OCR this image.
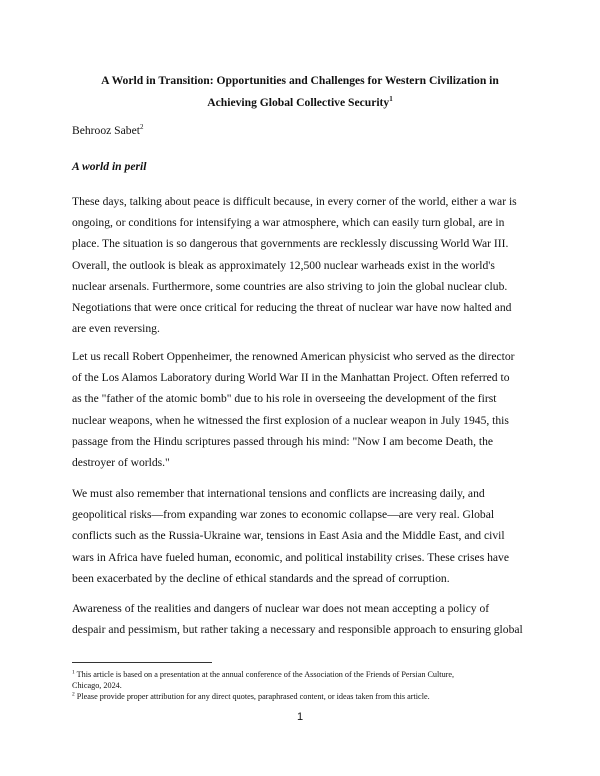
A World in Transition: Opportunities and Challenges for Western Civilization in
Achieving Global Collective Security$^1$
Behrooz Sabet$^2$
A world in peril
These days, talking about peace is difficult because, in every corner of the world, either a war is
ongoing, or conditions for intensifying a war atmosphere, which can easily turn global, are in
place. The situation is so dangerous that governments are recklessly discussing World War III.
Overall, the outlook is bleak as approximately 12,500 nuclear warheads exist in the world's
nuclear arsenals. Furthermore, some countries are also striving to join the global nuclear club.
Negotiations that were once critical for reducing the threat of nuclear war have now halted and
are even reversing.
Let us recall Robert Oppenheimer, the renowned American physicist who served as the director
of the Los Alamos Laboratory during World War II in the Manhattan Project. Often referred to
as the "father of the atomic bomb" due to his role in overseeing the development of the first
nuclear weapons, when he witnessed the first explosion of a nuclear weapon in July 1945, this
passage from the Hindu scriptures passed through his mind: "Now I am become Death, the
destroyer of worlds."
We must also remember that international tensions and conflicts are increasing daily, and
geopolitical risks—from expanding war zones to economic collapse—are very real. Global
conflicts such as the Russia-Ukraine war, tensions in East Asia and the Middle East, and civil
wars in Africa have fueled human, economic, and political instability crises. These crises have
been exacerbated by the decline of ethical standards and the spread of corruption.
Awareness of the realities and dangers of nuclear war does not mean accepting a policy of
despair and pessimism, but rather taking a necessary and responsible approach to ensuring global
$^1$ This article is based on a presentation at the annual conference of the Association of the Friends of Persian Culture,
Chicago, 2024.
$^2$ Please provide proper attribution for any direct quotes, paraphrased content, or ideas taken from this article.
1
